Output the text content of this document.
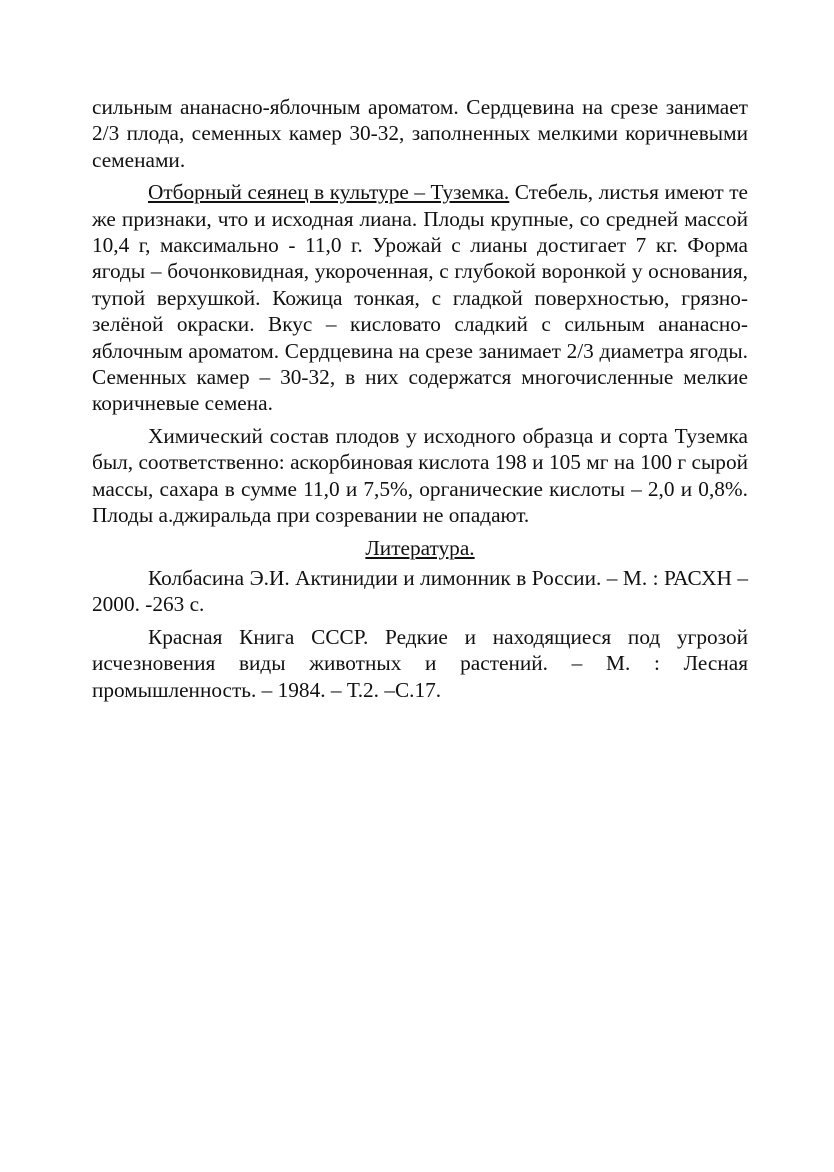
сильным ананасно-яблочным ароматом. Сердцевина на срезе занимает 2/3 плода, семенных камер 30-32, заполненных мелкими коричневыми семенами.

Отборный сеянец в культуре – Туземка. Стебель, листья имеют те же признаки, что и исходная лиана. Плоды крупные, со средней массой 10,4 г, максимально - 11,0 г. Урожай с лианы достигает 7 кг. Форма ягоды – бочонковидная, укороченная, с глубокой воронкой у основания, тупой верхушкой. Кожица тонкая, с гладкой поверхностью, грязно-зелёной окраски. Вкус – кисловато сладкий с сильным ананасно-яблочным ароматом. Сердцевина на срезе занимает 2/3 диаметра ягоды. Семенных камер – 30-32, в них содержатся многочисленные мелкие коричневые семена.

Химический состав плодов у исходного образца и сорта Туземка был, соответственно: аскорбиновая кислота 198 и 105 мг на 100 г сырой массы, сахара в сумме 11,0 и 7,5%, органические кислоты – 2,0 и 0,8%. Плоды а.джиральда при созревании не опадают.

Литература.

Колбасина Э.И. Актинидии и лимонник в России. – М. : РАСХН – 2000. -263 с.

Красная Книга СССР. Редкие и находящиеся под угрозой исчезновения виды животных и растений. – М. : Лесная промышленность. – 1984. – Т.2. –С.17.
